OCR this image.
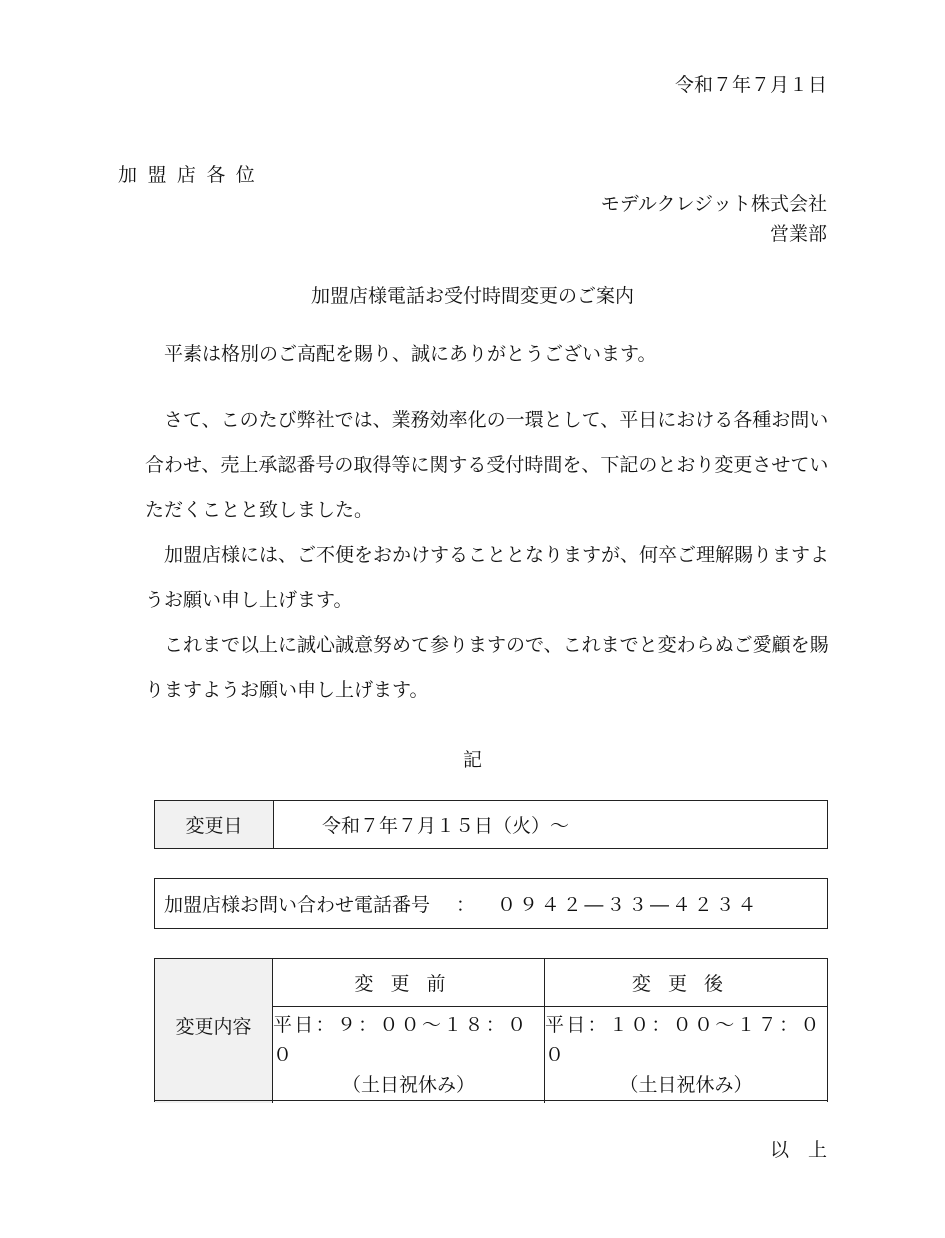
令和７年７月１日
加盟店各位
モデルクレジット株式会社
営業部
加盟店様電話お受付時間変更のご案内
平素は格別のご高配を賜り、誠にありがとうございます。
さて、このたび弊社では、業務効率化の一環として、平日における各種お問い合わせ、売上承認番号の取得等に関する受付時間を、下記のとおり変更させていただくことと致しました。
加盟店様には、ご不便をおかけすることとなりますが、何卒ご理解賜りますようお願い申し上げます。
これまで以上に誠心誠意努めて参りますので、これまでと変わらぬご愛顧を賜りますようお願い申し上げます。
記
変更日	令和７年７月１５日（火）～
加盟店様お問い合わせ電話番号 ： ０９４２―３３―４２３４
変更内容
変更前	変更後
平日：９：００～１８：００
（土日祝休み）
平日：１０：００～１７：００
（土日祝休み）
以上
